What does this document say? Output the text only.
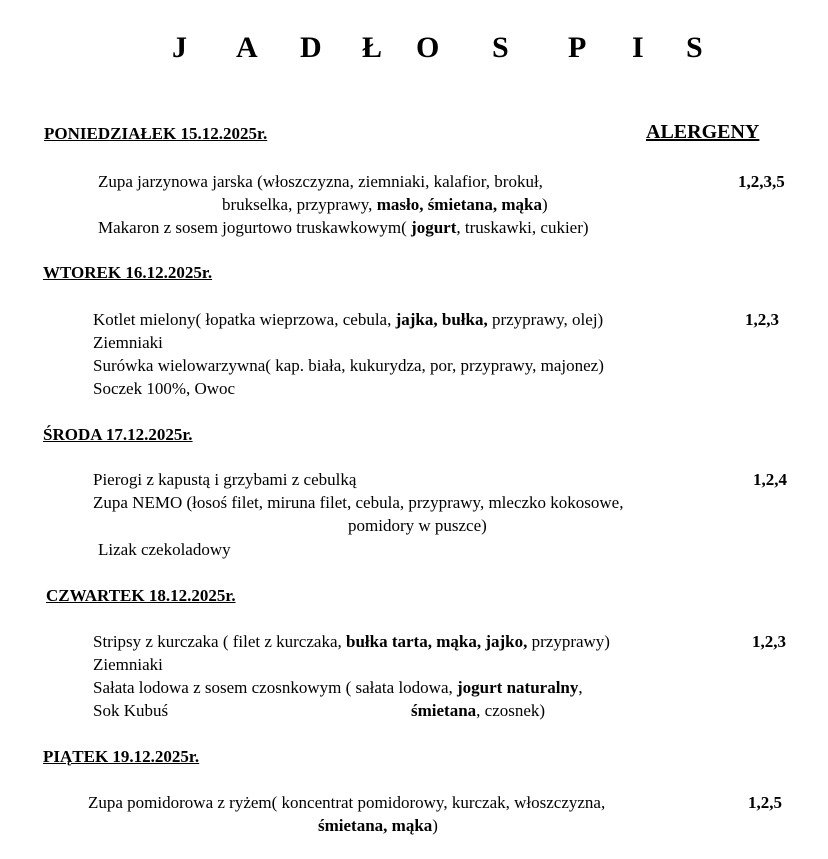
J A D Ł O S P I S
PONIEDZIAŁEK 15.12.2025r.	ALERGENY
Zupa jarzynowa jarska (włoszczyzna, ziemniaki, kalafior, brokuł,
brukselka, przyprawy, masło, śmietana, mąka)
Makaron z sosem jogurtowo truskawkowym( jogurt, truskawki, cukier)
1,2,3,5
WTOREK 16.12.2025r.
Kotlet mielony( łopatka wieprzowa, cebula, jajka, bułka, przyprawy, olej)
Ziemniaki
Surówka wielowarzywna( kap. biała, kukurydza, por, przyprawy, majonez)
Soczek 100%, Owoc
1,2,3
ŚRODA 17.12.2025r.
Pierogi z kapustą i grzybami z cebulką
Zupa NEMO (łosoś filet, miruna filet, cebula, przyprawy, mleczko kokosowe,
pomidory w puszce)
Lizak czekoladowy
1,2,4
CZWARTEK 18.12.2025r.
Stripsy z kurczaka ( filet z kurczaka, bułka tarta, mąka, jajko, przyprawy)
Ziemniaki
Sałata lodowa z sosem czosnkowym ( sałata lodowa, jogurt naturalny,
Sok Kubuś	śmietana, czosnek)
1,2,3
PIĄTEK 19.12.2025r.
Zupa pomidorowa z ryżem( koncentrat pomidorowy, kurczak, włoszczyzna,
śmietana, mąka)
1,2,5
